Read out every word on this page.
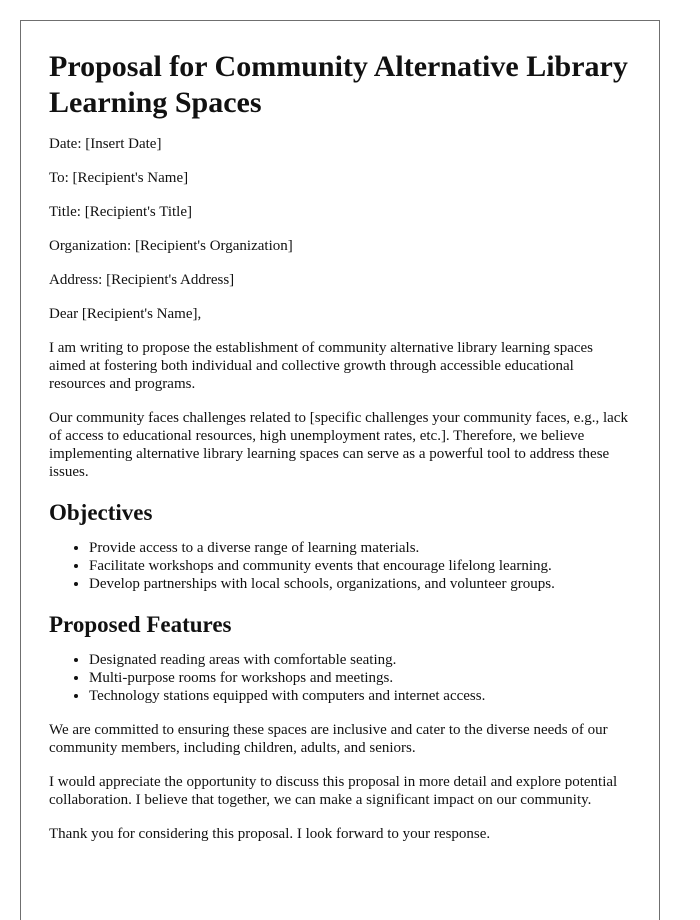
Proposal for Community Alternative Library Learning Spaces

Date: [Insert Date]

To: [Recipient's Name]

Title: [Recipient's Title]

Organization: [Recipient's Organization]

Address: [Recipient's Address]

Dear [Recipient's Name],

I am writing to propose the establishment of community alternative library learning spaces aimed at fostering both individual and collective growth through accessible educational resources and programs.

Our community faces challenges related to [specific challenges your community faces, e.g., lack of access to educational resources, high unemployment rates, etc.]. Therefore, we believe implementing alternative library learning spaces can serve as a powerful tool to address these issues.

Objectives
• Provide access to a diverse range of learning materials.
• Facilitate workshops and community events that encourage lifelong learning.
• Develop partnerships with local schools, organizations, and volunteer groups.
Proposed Features
• Designated reading areas with comfortable seating.
• Multi-purpose rooms for workshops and meetings.
• Technology stations equipped with computers and internet access.

We are committed to ensuring these spaces are inclusive and cater to the diverse needs of our community members, including children, adults, and seniors.

I would appreciate the opportunity to discuss this proposal in more detail and explore potential collaboration. I believe that together, we can make a significant impact on our community.

Thank you for considering this proposal. I look forward to your response.
